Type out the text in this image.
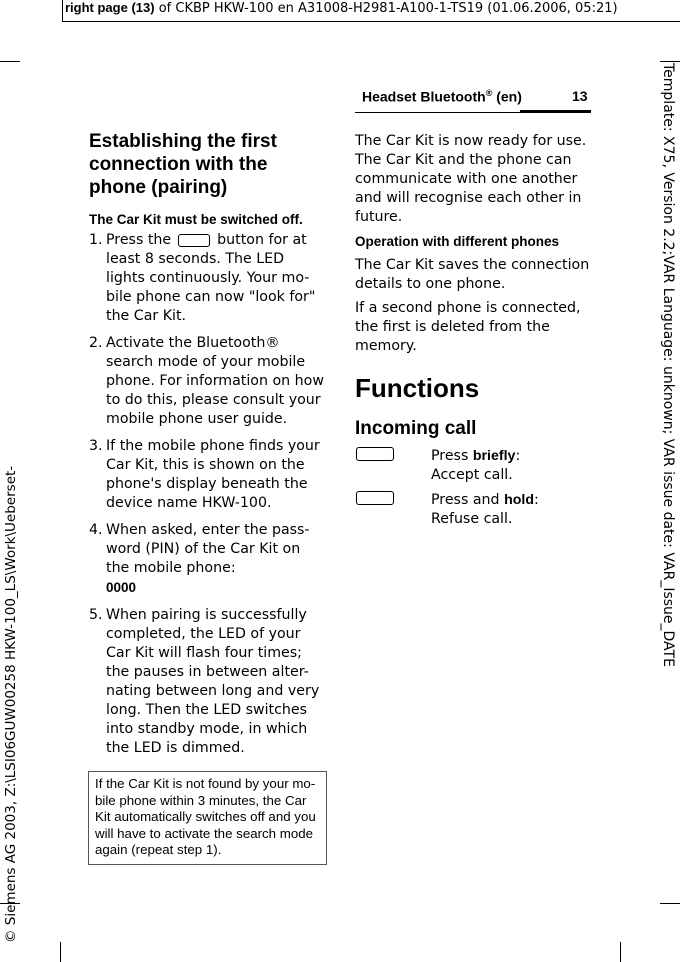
right page (13) of CKBP HKW-100 en A31008-H2981-A100-1-TS19 (01.06.2006, 05:21)
© Siemens AG 2003, Z:\LSI06GUW00258 HKW-100_LS\Work\Ueberset-
Template: X75, Version 2.2;VAR Language: unknown; VAR issue date: VAR_Issue_DATE
Headset Bluetooth® (en)	13
Establishing the first connection with the phone (pairing)
The Car Kit must be switched off.
1. Press the	button for at least 8 seconds. The LED lights continuously. Your mo-bile phone can now "look for" the Car Kit.
2. Activate the Bluetooth® search mode of your mobile phone. For information on how to do this, please consult your mobile phone user guide.
3. If the mobile phone finds your Car Kit, this is shown on the phone's display beneath the device name HKW-100.
4. When asked, enter the pass-word (PIN) of the Car Kit on the mobile phone:
0000
5. When pairing is successfully completed, the LED of your Car Kit will flash four times; the pauses in between alter-nating between long and very long. Then the LED switches into standby mode, in which the LED is dimmed.
If the Car Kit is not found by your mo-bile phone within 3 minutes, the Car Kit automatically switches off and you will have to activate the search mode again (repeat step 1).
The Car Kit is now ready for use. The Car Kit and the phone can communicate with one another and will recognise each other in future.
Operation with different phones
The Car Kit saves the connection details to one phone.
If a second phone is connected, the first is deleted from the memory.
Functions
Incoming call
Press briefly:
Accept call.
Press and hold:
Refuse call.
